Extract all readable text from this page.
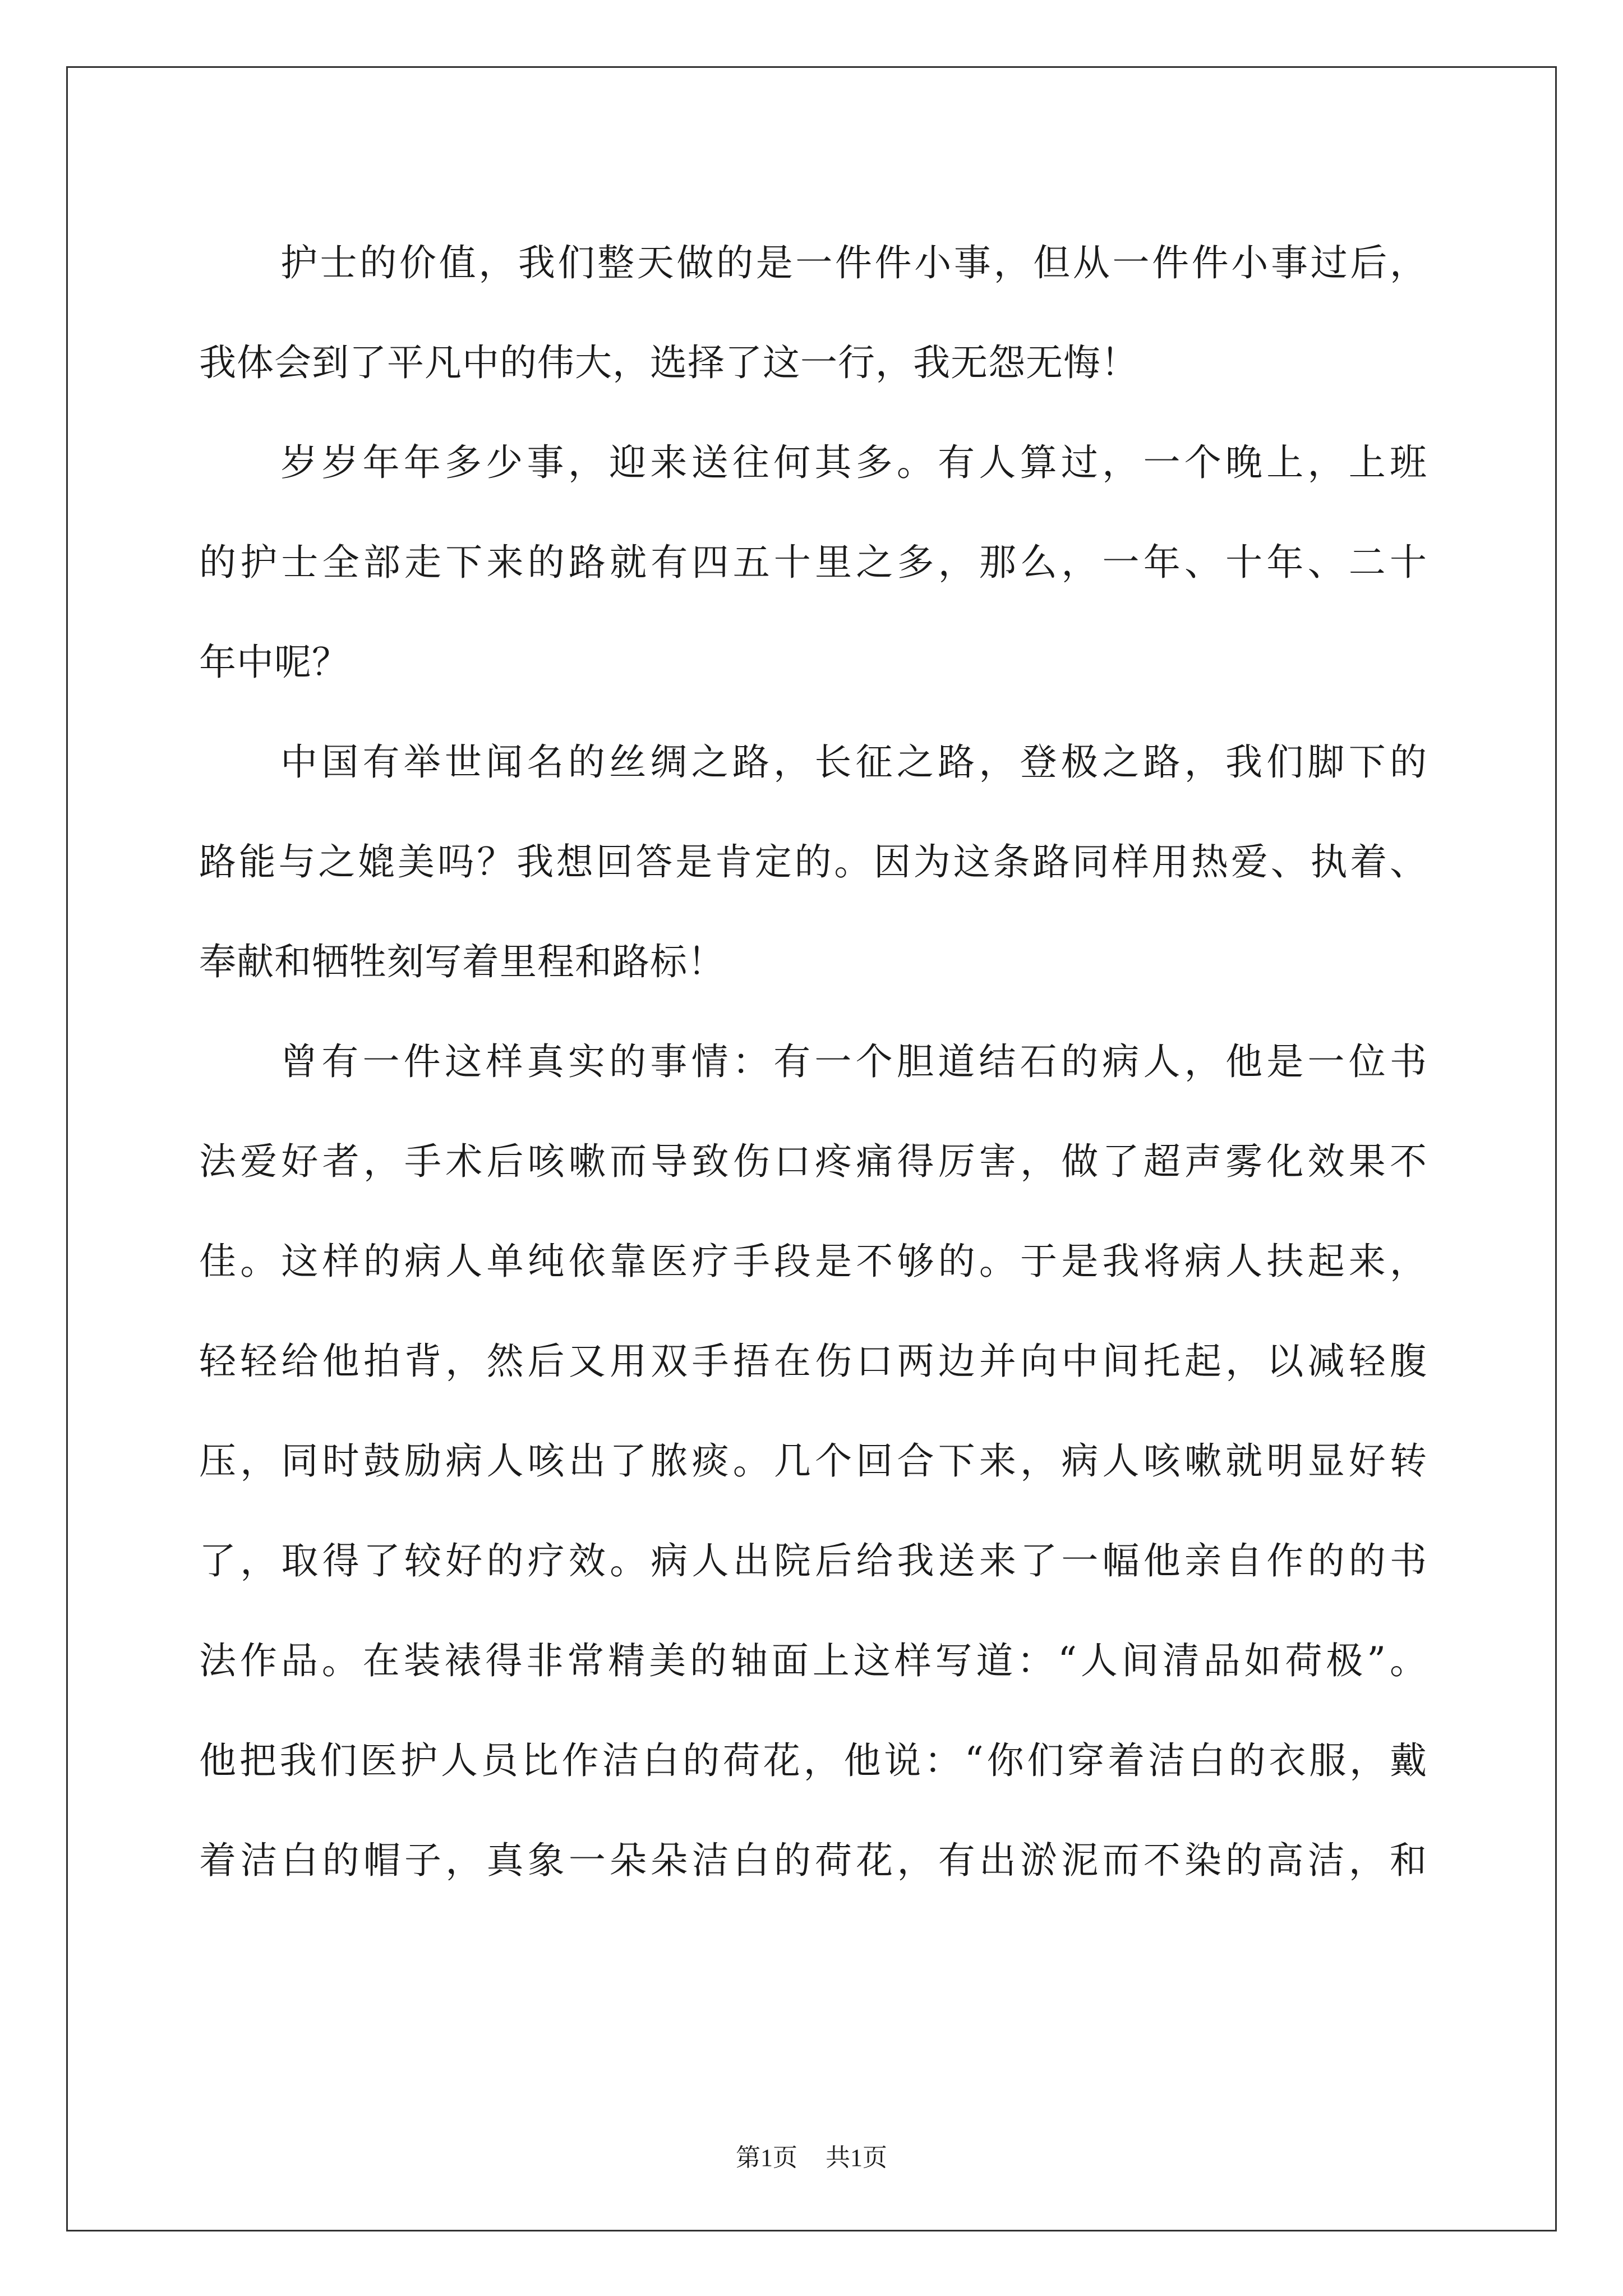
护士的价值，我们整天做的是一件件小事，但从一件件小事过后，
我体会到了平凡中的伟大，选择了这一行，我无怨无悔！
岁岁年年多少事，迎来送往何其多。有人算过，一个晚上，上班
的护士全部走下来的路就有四五十里之多，那么，一年、十年、二十
年中呢？
中国有举世闻名的丝绸之路，长征之路，登极之路，我们脚下的
路能与之媲美吗？我想回答是肯定的。因为这条路同样用热爱、执着、
奉献和牺牲刻写着里程和路标！
曾有一件这样真实的事情：有一个胆道结石的病人，他是一位书
法爱好者，手术后咳嗽而导致伤口疼痛得厉害，做了超声雾化效果不
佳。这样的病人单纯依靠医疗手段是不够的。于是我将病人扶起来，
轻轻给他拍背，然后又用双手捂在伤口两边并向中间托起，以减轻腹
压，同时鼓励病人咳出了脓痰。几个回合下来，病人咳嗽就明显好转
了，取得了较好的疗效。病人出院后给我送来了一幅他亲自作的的书
法作品。在装裱得非常精美的轴面上这样写道：“人间清品如荷极”。
他把我们医护人员比作洁白的荷花，他说：“你们穿着洁白的衣服，戴
着洁白的帽子，真象一朵朵洁白的荷花，有出淤泥而不染的高洁，和
第1页 共1页
